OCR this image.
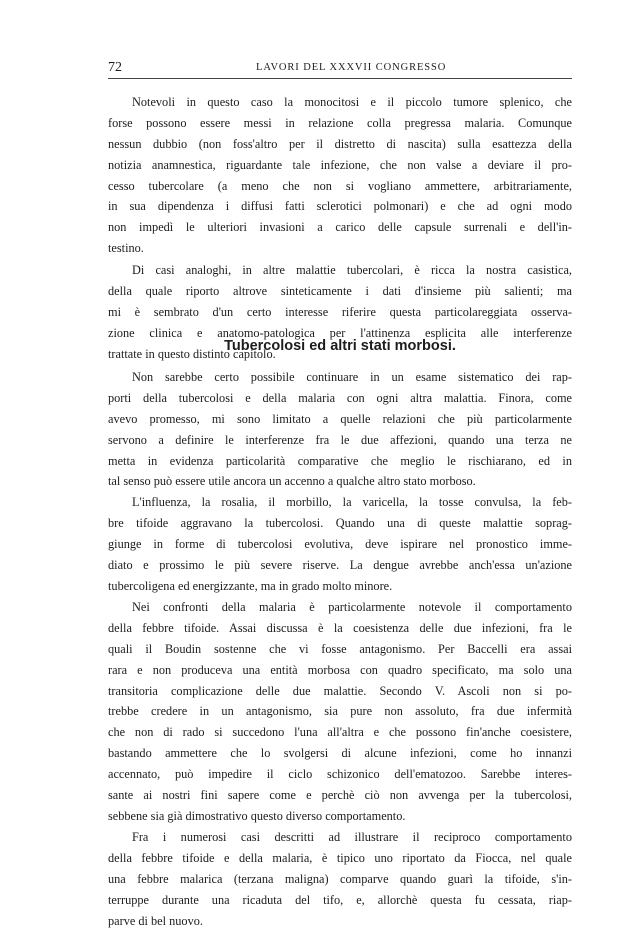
72	LAVORI DEL XXXVII CONGRESSO
Notevoli in questo caso la monocitosi e il piccolo tumore splenico, che
forse possono essere messi in relazione colla pregressa malaria. Comunque
nessun dubbio (non foss'altro per il distretto di nascita) sulla esattezza della
notizia anamnestica, riguardante tale infezione, che non valse a deviare il pro-
cesso tubercolare (a meno che non si vogliano ammettere, arbitrariamente,
in sua dipendenza i diffusi fatti sclerotici polmonari) e che ad ogni modo
non impedì le ulteriori invasioni a carico delle capsule surrenali e dell'in-
testino.
Di casi analoghi, in altre malattie tubercolari, è ricca la nostra casistica,
della quale riporto altrove sinteticamente i dati d'insieme più salienti; ma
mi è sembrato d'un certo interesse riferire questa particolareggiata osserva-
zione clinica e anatomo-patologica per l'attinenza esplicita alle interferenze
trattate in questo distinto capitolo.
Tubercolosi ed altri stati morbosi.
Non sarebbe certo possibile continuare in un esame sistematico dei rap-
porti della tubercolosi e della malaria con ogni altra malattia. Finora, come
avevo promesso, mi sono limitato a quelle relazioni che più particolarmente
servono a definire le interferenze fra le due affezioni, quando una terza ne
metta in evidenza particolarità comparative che meglio le rischiarano, ed in
tal senso può essere utile ancora un accenno a qualche altro stato morboso.
L'influenza, la rosalia, il morbillo, la varicella, la tosse convulsa, la feb-
bre tifoide aggravano la tubercolosi. Quando una di queste malattie soprag-
giunge in forme di tubercolosi evolutiva, deve ispirare nel pronostico imme-
diato e prossimo le più severe riserve. La dengue avrebbe anch'essa un'azione
tubercoligena ed energizzante, ma in grado molto minore.
Nei confronti della malaria è particolarmente notevole il comportamento
della febbre tifoide. Assai discussa è la coesistenza delle due infezioni, fra le
quali il Boudin sostenne che vi fosse antagonismo. Per Baccelli era assai
rara e non produceva una entità morbosa con quadro specificato, ma solo una
transitoria complicazione delle due malattie. Secondo V. Ascoli non si po-
trebbe credere in un antagonismo, sia pure non assoluto, fra due infermità
che non di rado si succedono l'una all'altra e che possono fin'anche coesistere,
bastando ammettere che lo svolgersi di alcune infezioni, come ho innanzi
accennato, può impedire il ciclo schizonico dell'ematozoo. Sarebbe interes-
sante ai nostri fini sapere come e perchè ciò non avvenga per la tubercolosi,
sebbene sia già dimostrativo questo diverso comportamento.
Fra i numerosi casi descritti ad illustrare il reciproco comportamento
della febbre tifoide e della malaria, è tipico uno riportato da Fiocca, nel quale
una febbre malarica (terzana maligna) comparve quando guarì la tifoide, s'in-
terruppe durante una ricaduta del tifo, e, allorchè questa fu cessata, riap-
parve di bel nuovo.
